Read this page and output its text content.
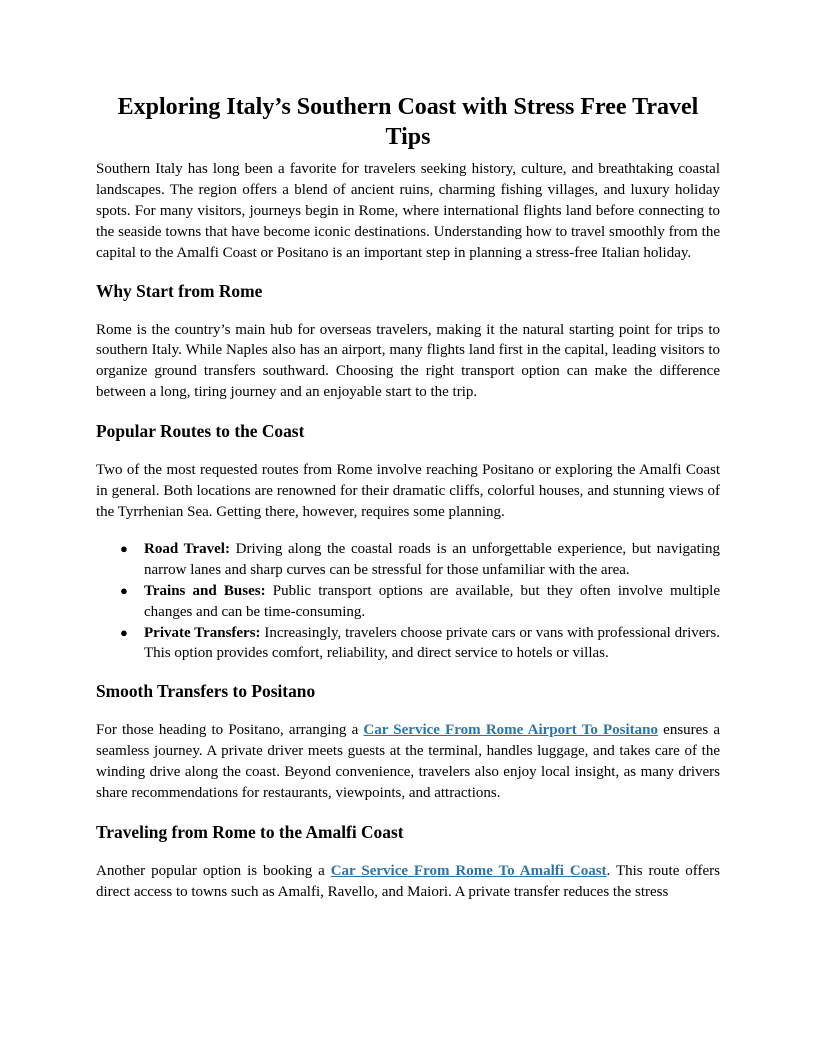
Exploring Italy’s Southern Coast with Stress Free Travel Tips

Southern Italy has long been a favorite for travelers seeking history, culture, and breathtaking coastal landscapes. The region offers a blend of ancient ruins, charming fishing villages, and luxury holiday spots. For many visitors, journeys begin in Rome, where international flights land before connecting to the seaside towns that have become iconic destinations. Understanding how to travel smoothly from the capital to the Amalfi Coast or Positano is an important step in planning a stress-free Italian holiday.

Why Start from Rome

Rome is the country’s main hub for overseas travelers, making it the natural starting point for trips to southern Italy. While Naples also has an airport, many flights land first in the capital, leading visitors to organize ground transfers southward. Choosing the right transport option can make the difference between a long, tiring journey and an enjoyable start to the trip.

Popular Routes to the Coast

Two of the most requested routes from Rome involve reaching Positano or exploring the Amalfi Coast in general. Both locations are renowned for their dramatic cliffs, colorful houses, and stunning views of the Tyrrhenian Sea. Getting there, however, requires some planning.

● Road Travel: Driving along the coastal roads is an unforgettable experience, but navigating narrow lanes and sharp curves can be stressful for those unfamiliar with the area.
● Trains and Buses: Public transport options are available, but they often involve multiple changes and can be time-consuming.
● Private Transfers: Increasingly, travelers choose private cars or vans with professional drivers. This option provides comfort, reliability, and direct service to hotels or villas.
Smooth Transfers to Positano

For those heading to Positano, arranging a Car Service From Rome Airport To Positano ensures a seamless journey. A private driver meets guests at the terminal, handles luggage, and takes care of the winding drive along the coast. Beyond convenience, travelers also enjoy local insight, as many drivers share recommendations for restaurants, viewpoints, and attractions.

Traveling from Rome to the Amalfi Coast

Another popular option is booking a Car Service From Rome To Amalfi Coast. This route offers direct access to towns such as Amalfi, Ravello, and Maiori. A private transfer reduces the stress
